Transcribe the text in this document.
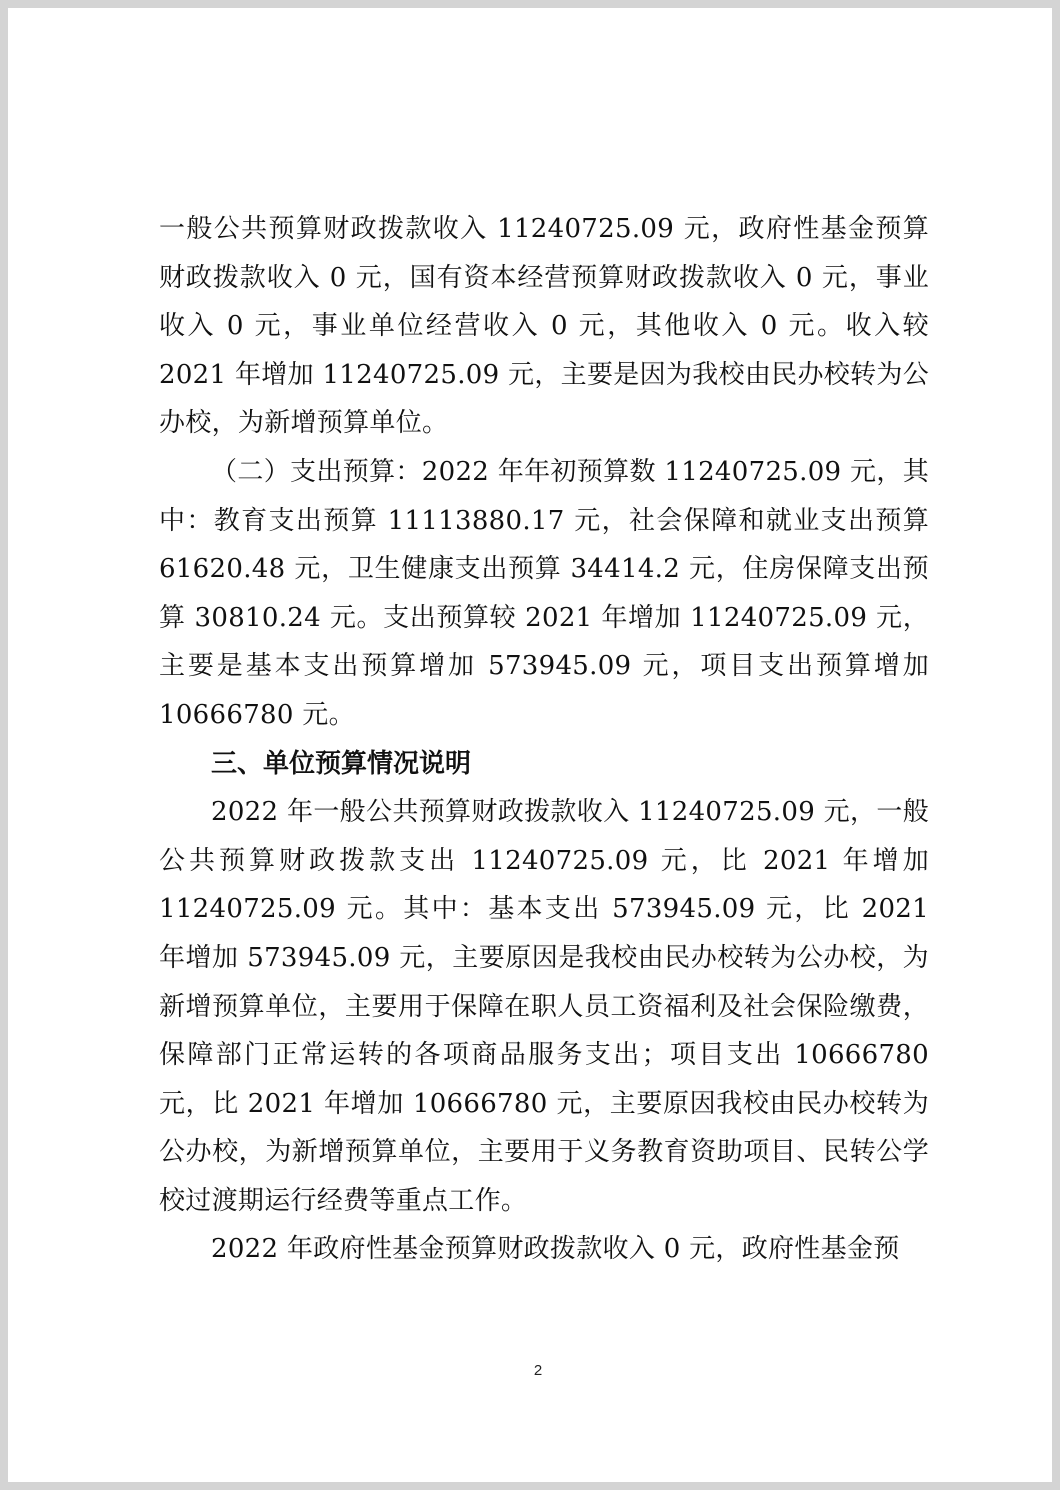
一般公共预算财政拨款收入 11240725.09 元，政府性基金预算财政拨款收入 0 元，国有资本经营预算财政拨款收入 0 元，事业收入 0 元，事业单位经营收入 0 元，其他收入 0 元。收入较 2021 年增加 11240725.09 元，主要是因为我校由民办校转为公办校，为新增预算单位。

（二）支出预算：2022 年年初预算数 11240725.09 元，其中：教育支出预算 11113880.17 元，社会保障和就业支出预算 61620.48 元，卫生健康支出预算 34414.2 元，住房保障支出预算 30810.24 元。支出预算较 2021 年增加 11240725.09 元，主要是基本支出预算增加 573945.09 元，项目支出预算增加 10666780 元。

三、单位预算情况说明

2022 年一般公共预算财政拨款收入 11240725.09 元，一般公共预算财政拨款支出 11240725.09 元，比 2021 年增加 11240725.09 元。其中：基本支出 573945.09 元，比 2021 年增加 573945.09 元，主要原因是我校由民办校转为公办校，为新增预算单位，主要用于保障在职人员工资福利及社会保险缴费，保障部门正常运转的各项商品服务支出；项目支出 10666780 元，比 2021 年增加 10666780 元，主要原因我校由民办校转为公办校，为新增预算单位，主要用于义务教育资助项目、民转公学校过渡期运行经费等重点工作。

2022 年政府性基金预算财政拨款收入 0 元，政府性基金预

2
